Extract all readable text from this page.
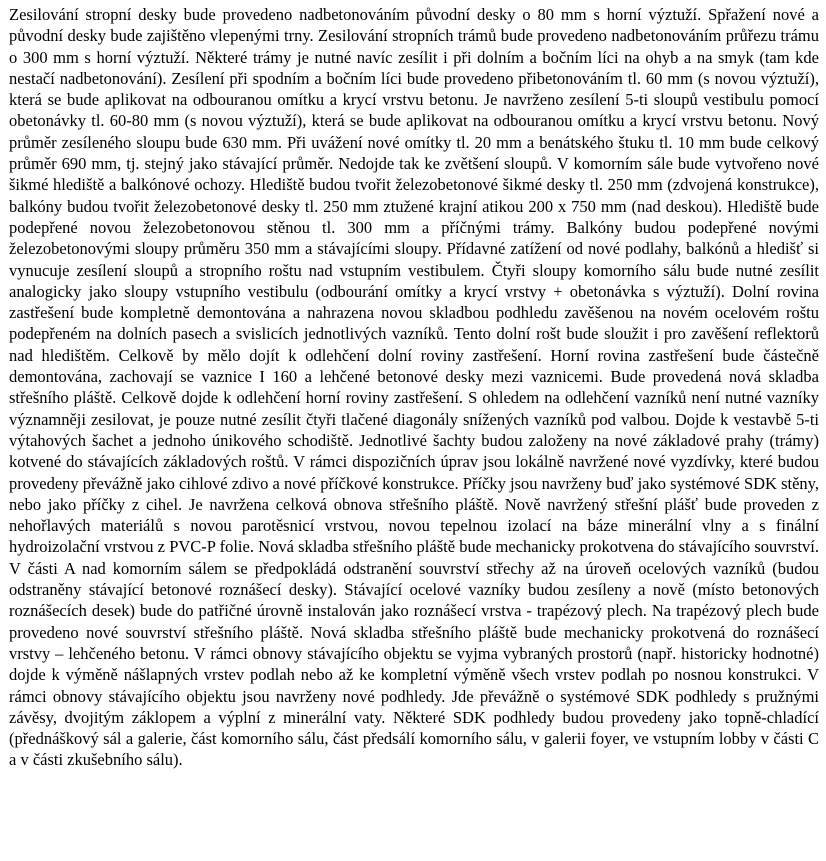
Zesilování stropní desky bude provedeno nadbetonováním původní desky o 80 mm s horní výztuží. Spřažení nové a původní desky bude zajištěno vlepenými trny. Zesilování stropních trámů bude provedeno nadbetonováním průřezu trámu o 300 mm s horní výztuží. Některé trámy je nutné navíc zesílit i při dolním a bočním líci na ohyb a na smyk (tam kde nestačí nadbetonování). Zesílení při spodním a bočním líci bude provedeno přibetonováním tl. 60 mm (s novou výztuží), která se bude aplikovat na odbouranou omítku a krycí vrstvu betonu. Je navrženo zesílení 5-ti sloupů vestibulu pomocí obetonávky tl. 60-80 mm (s novou výztuží), která se bude aplikovat na odbouranou omítku a krycí vrstvu betonu. Nový průměr zesíleného sloupu bude 630 mm. Při uvážení nové omítky tl. 20 mm a benátského štuku tl. 10 mm bude celkový průměr 690 mm, tj. stejný jako stávající průměr. Nedojde tak ke zvětšení sloupů. V komorním sále bude vytvořeno nové šikmé hlediště a balkónové ochozy. Hlediště budou tvořit železobetonové šikmé desky tl. 250 mm (zdvojená konstrukce), balkóny budou tvořit železobetonové desky tl. 250 mm ztužené krajní atikou 200 x 750 mm (nad deskou). Hlediště bude podepřené novou železobetonovou stěnou tl. 300 mm a příčnými trámy. Balkóny budou podepřené novými železobetonovými sloupy průměru 350 mm a stávajícími sloupy. Přídavné zatížení od nové podlahy, balkónů a hledišť si vynucuje zesílení sloupů a stropního roštu nad vstupním vestibulem. Čtyři sloupy komorního sálu bude nutné zesílit analogicky jako sloupy vstupního vestibulu (odbourání omítky a krycí vrstvy + obetonávka s výztuží). Dolní rovina zastřešení bude kompletně demontována a nahrazena novou skladbou podhledu zavěšenou na novém ocelovém roštu podepřeném na dolních pasech a svislicích jednotlivých vazníků. Tento dolní rošt bude sloužit i pro zavěšení reflektorů nad hledištěm. Celkově by mělo dojít k odlehčení dolní roviny zastřešení. Horní rovina zastřešení bude částečně demontována, zachovají se vaznice I 160 a lehčené betonové desky mezi vaznicemi. Bude provedená nová skladba střešního pláště. Celkově dojde k odlehčení horní roviny zastřešení. S ohledem na odlehčení vazníků není nutné vazníky významněji zesilovat, je pouze nutné zesílit čtyři tlačené diagonály snížených vazníků pod valbou. Dojde k vestavbě 5-ti výtahových šachet a jednoho únikového schodiště. Jednotlivé šachty budou založeny na nové základové prahy (trámy) kotvené do stávajících základových roštů. V rámci dispozičních úprav jsou lokálně navržené nové vyzdívky, které budou provedeny převážně jako cihlové zdivo a nové příčkové konstrukce. Příčky jsou navrženy buď jako systémové SDK stěny, nebo jako příčky z cihel. Je navržena celková obnova střešního pláště. Nově navržený střešní plášť bude proveden z nehořlavých materiálů s novou parotěsnicí vrstvou, novou tepelnou izolací na báze minerální vlny a s finální hydroizolační vrstvou z PVC-P folie. Nová skladba střešního pláště bude mechanicky prokotvena do stávajícího souvrství. V části A nad komorním sálem se předpokládá odstranění souvrství střechy až na úroveň ocelových vazníků (budou odstraněny stávající betonové roznášecí desky). Stávající ocelové vazníky budou zesíleny a nově (místo betonových roznášecích desek) bude do patřičné úrovně instalován jako roznášecí vrstva - trapézový plech. Na trapézový plech bude provedeno nové souvrství střešního pláště. Nová skladba střešního pláště bude mechanicky prokotvená do roznášecí vrstvy – lehčeného betonu. V rámci obnovy stávajícího objektu se vyjma vybraných prostorů (např. historicky hodnotné) dojde k výměně nášlapných vrstev podlah nebo až ke kompletní výměně všech vrstev podlah po nosnou konstrukci. V rámci obnovy stávajícího objektu jsou navrženy nové podhledy. Jde převážně o systémové SDK podhledy s pružnými závěsy, dvojitým záklopem a výplní z minerální vaty. Některé SDK podhledy budou provedeny jako topně-chladící (přednáškový sál a galerie, část komorního sálu, část předsálí komorního sálu, v galerii foyer, ve vstupním lobby v části C a v části zkušebního sálu).
